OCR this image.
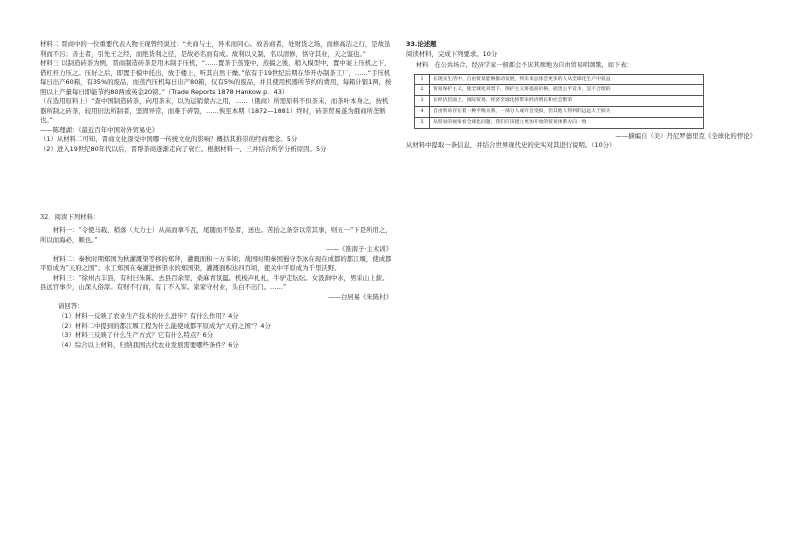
材料二 晋商中的一位重要代表人物王现曾经说过：“夫商与士，异术而同心。故善商者，处财货之场，而修高洁之行，是故虽利而不污；善士者，引先王之经，而绝货利之径，是故必名而有成。故利以义制，名以清修，恪守其业，天之鉴也。”

材料三 以制造砖茶为例，晋商制造砖茶是用木制手压机，“……置茶于蒸笼中，蒸搞之後，稍入模型中，置中案上压机之下，借杠杆力压之。压好之后，即置于模中托出，放于楼上，听其自然干燥。”依有于19世纪后期在华开办制茶工厂，……“手压机每日出产60箱，有35%的废品，而蒸汽压机每日出产80箱，仅有5%的废品，并且使用机器所节约的费用，每箱计银1两，按照以上产量每日即能节约80两或英金20镑。”（Trade Reports 1878 Hankow p．43）

（在选用原料上）“查中国制造砖茶，向用茶末，以为运销蒙古之用，……（俄商）所需原料不但茶末，而茶叶本身之，按机器所制之砖茶，较用旧法所制者，坚固异常，而难于碎裂，……俟至本期（1872—1881）终时，砖茶贸易遂为俄商所垄断也。”

——陈理湖：《最近百年中国对外贸易史》

（1）从材料二可知，晋商文化深受中国哪一传统文化的影响？概括其推崇的经商理念。5分

（2）进入19世纪80年代以后，晋帮茶商逐渐走向了衰亡。根据材料一、三并结合所学分析原因。5分

32．阅读下列材料：

材料一：“令使马载、稍落（大力士）从高而拿斗瓦，尾随而不坠者，送也。苦抬之条奈以常其事，则五一“下是所用之，所以而海必，顺也。”

——《淮南子·主术训》

材料二：秦秋时期郑国为秋灌溉渠等移的郑拜，灌溉面积一万多顷；战国时期秦国蜀守李冰在现在成都的都江堰，使成都平原成为“天府之国”；水工郑国在秦灌进修渠水的郑国渠，灌溉面积达四百顷，使关中平原成为千里沃野。

材料三：“徐州古丰县，有村曰朱陈。去县百余里，桑麻青氛氲。机梭声札札，牛驴走纭纭。女汲涧中水，男采山上薪。县远官事少，山深人俗淳。有财不行商，有丁不入军。家家守村业，头白不出门。……”

——白居易《朱陈村》

请回答：

（1）材料一反映了农业生产技术的什么进步？有什么作用？4分

（2）材料二中提到的都江堰工程为什么能使成都平原成为“天府之国”？4分

（3）材料三反映了什么生产方式？它有什么特点？6分

（4）综合以上材料，归纳我国古代农业发展需要哪些条件？6分

33.论述题

阅读材料，完成下列要求。10分

材料　在公共场合，经济学家一般都会不厌其烦地为自由贸易唱颂歌，如下表：

1	在现实生活中，自由贸易能够推动发展，到未来总体会更多的人从全球化生产中获益
2	贸易保护主义，使全球化背景下，保护主义将提高价格，损害公平竞争，是不合理的
3	在经济层面上，国际贸易、经济全球化将带来经济增长和社会繁荣
4	自由贸易存在着一种平衡关系，一部分人或许会受损，但其他人得到的远远大于损失
5	从贸易的视角看全球化问题，我们应该建立更加开放的贸易体系方向一致

——摘编自（美）丹尼罗德里克《全球化的悖论》

从材料中提取一条信息，并结合世界现代史的史实对其进行说明。（10分）
